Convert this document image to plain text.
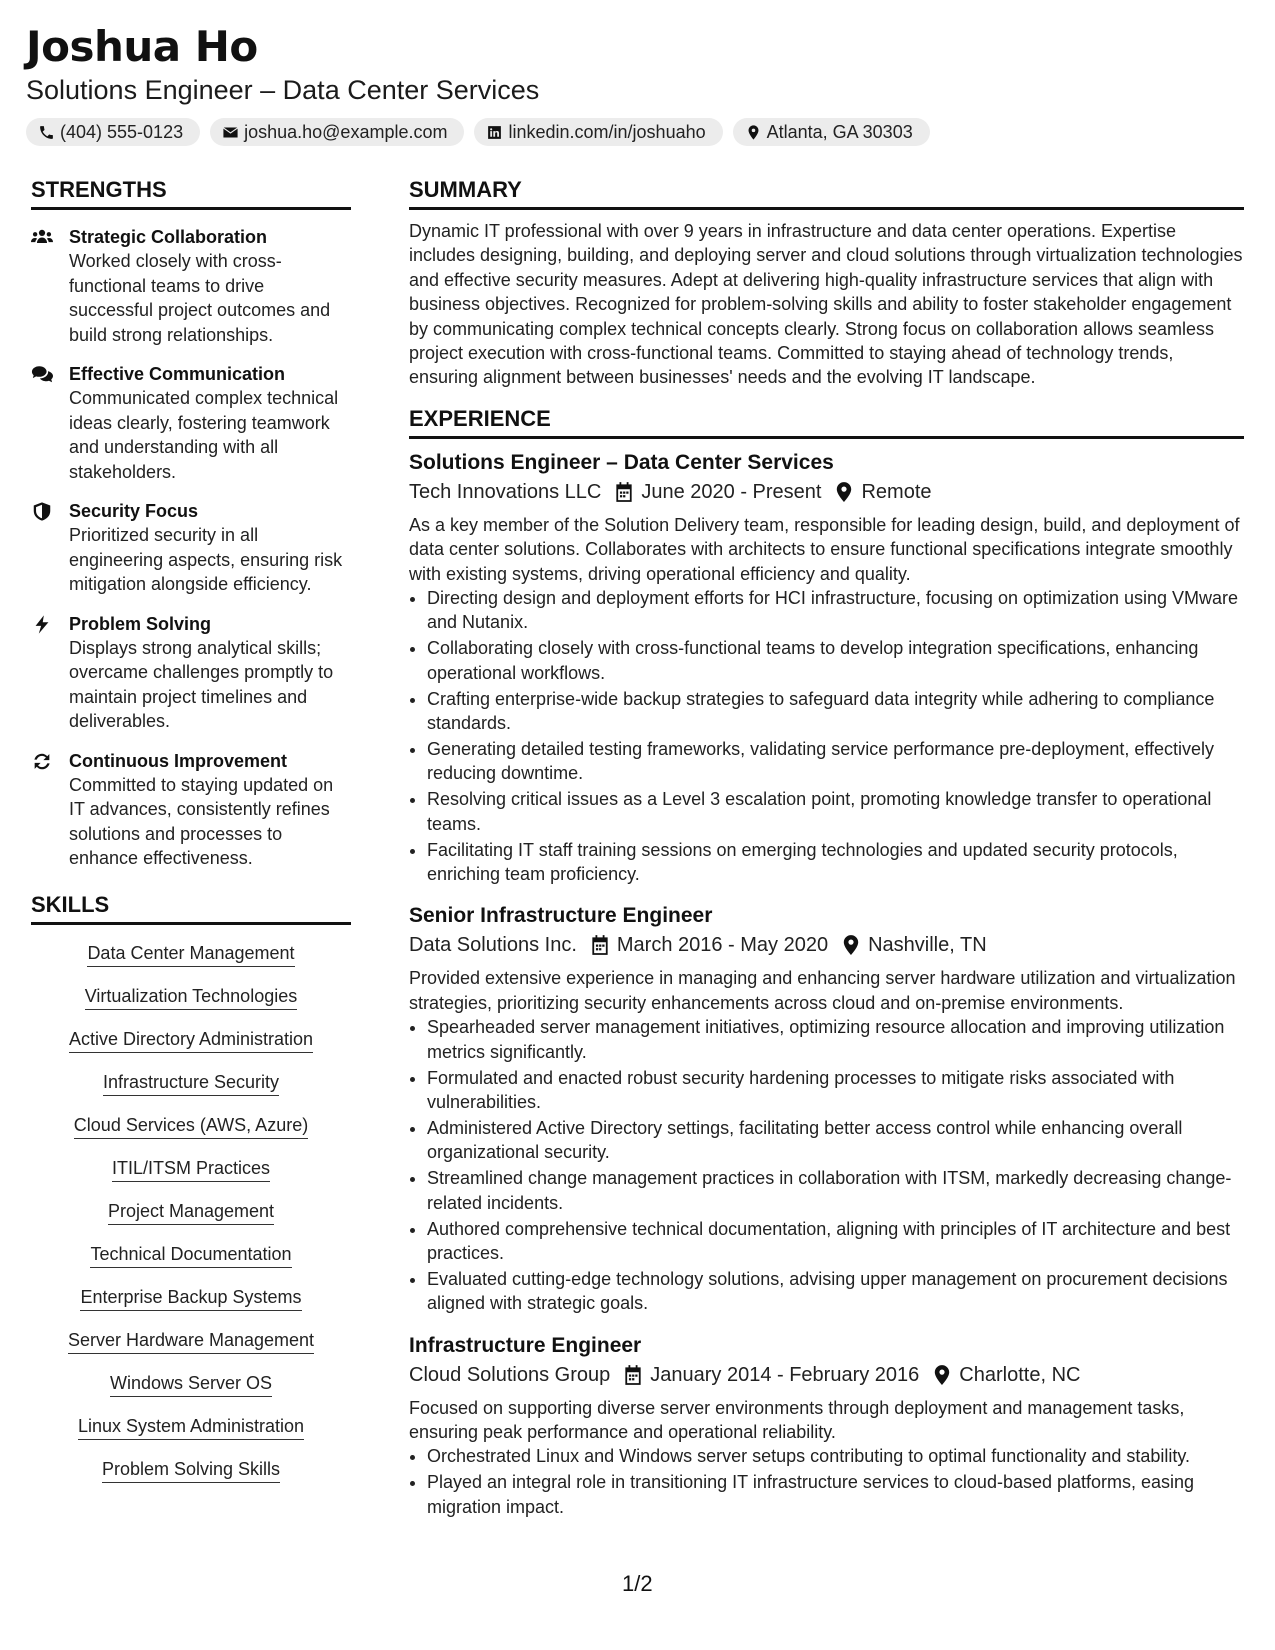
Joshua Ho
Solutions Engineer – Data Center Services
(404) 555-0123	joshua.ho@example.com	linkedin.com/in/joshuaho	Atlanta, GA 30303
STRENGTHS
Strategic Collaboration
Worked closely with cross-functional teams to drive successful project outcomes and build strong relationships.
Effective Communication
Communicated complex technical ideas clearly, fostering teamwork and understanding with all stakeholders.
Security Focus
Prioritized security in all engineering aspects, ensuring risk mitigation alongside efficiency.
Problem Solving
Displays strong analytical skills; overcame challenges promptly to maintain project timelines and deliverables.
Continuous Improvement
Committed to staying updated on IT advances, consistently refines solutions and processes to enhance effectiveness.
SKILLS
Data Center Management
Virtualization Technologies
Active Directory Administration
Infrastructure Security
Cloud Services (AWS, Azure)
ITIL/ITSM Practices
Project Management
Technical Documentation
Enterprise Backup Systems
Server Hardware Management
Windows Server OS
Linux System Administration
Problem Solving Skills
SUMMARY
Dynamic IT professional with over 9 years in infrastructure and data center operations. Expertise includes designing, building, and deploying server and cloud solutions through virtualization technologies and effective security measures. Adept at delivering high-quality infrastructure services that align with business objectives. Recognized for problem-solving skills and ability to foster stakeholder engagement by communicating complex technical concepts clearly. Strong focus on collaboration allows seamless project execution with cross-functional teams. Committed to staying ahead of technology trends, ensuring alignment between businesses' needs and the evolving IT landscape.
EXPERIENCE
Solutions Engineer – Data Center Services
Tech Innovations LLC June 2020 - Present Remote
As a key member of the Solution Delivery team, responsible for leading design, build, and deployment of data center solutions. Collaborates with architects to ensure functional specifications integrate smoothly with existing systems, driving operational efficiency and quality.
• Directing design and deployment efforts for HCI infrastructure, focusing on optimization using VMware and Nutanix.
• Collaborating closely with cross-functional teams to develop integration specifications, enhancing operational workflows.
• Crafting enterprise-wide backup strategies to safeguard data integrity while adhering to compliance standards.
• Generating detailed testing frameworks, validating service performance pre-deployment, effectively reducing downtime.
• Resolving critical issues as a Level 3 escalation point, promoting knowledge transfer to operational teams.
• Facilitating IT staff training sessions on emerging technologies and updated security protocols, enriching team proficiency.
Senior Infrastructure Engineer
Data Solutions Inc. March 2016 - May 2020 Nashville, TN
Provided extensive experience in managing and enhancing server hardware utilization and virtualization strategies, prioritizing security enhancements across cloud and on-premise environments.
• Spearheaded server management initiatives, optimizing resource allocation and improving utilization metrics significantly.
• Formulated and enacted robust security hardening processes to mitigate risks associated with vulnerabilities.
• Administered Active Directory settings, facilitating better access control while enhancing overall organizational security.
• Streamlined change management practices in collaboration with ITSM, markedly decreasing change-related incidents.
• Authored comprehensive technical documentation, aligning with principles of IT architecture and best practices.
• Evaluated cutting-edge technology solutions, advising upper management on procurement decisions aligned with strategic goals.
Infrastructure Engineer
Cloud Solutions Group January 2014 - February 2016 Charlotte, NC
Focused on supporting diverse server environments through deployment and management tasks, ensuring peak performance and operational reliability.
• Orchestrated Linux and Windows server setups contributing to optimal functionality and stability.
• Played an integral role in transitioning IT infrastructure services to cloud-based platforms, easing migration impact.
1/2
